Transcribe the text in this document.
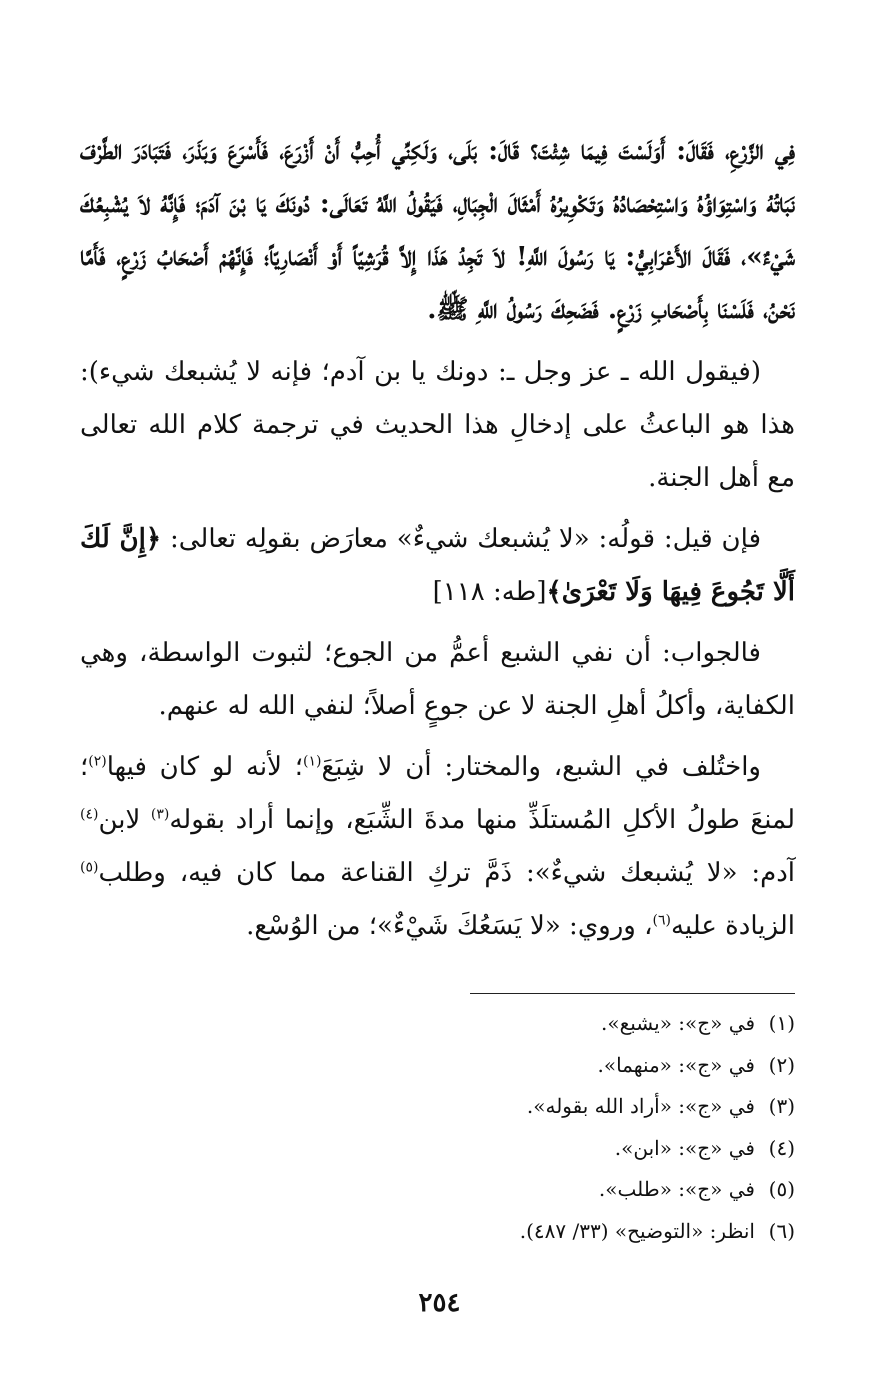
فِي الزَّرْعِ، فَقَالَ: أَوَلَسْتَ فِيمَا شِئْتَ؟ قَالَ: بَلَى، وَلَكِنِّي أُحِبُّ أَنْ أَزْرَعَ، فَأَسْرَعَ وَبَذَرَ، فَتَبَادَرَ الطَّرْفَ نَبَاتُهُ وَاسْتِوَاؤُهُ وَاسْتِحْصَادُهُ وَتَكْوِيرُهُ أَمْثَالَ الْجِبَالِ، فَيَقُولُ اللَّهُ تَعَالَى: دُونَكَ يَا بْنَ آدَمَ؛ فَإِنَّهُ لاَ يُشْبِعُكَ شَيْءٌ»، فَقَالَ الأَعْرَابِيُّ: يَا رَسُولَ اللَّهِ! لاَ تَجِدُ هَذَا إِلاَّ قُرَشِيّاً أَوْ أَنْصَارِيّاً؛ فَإِنَّهُمْ أَصْحَابُ زَرْعٍ، فَأَمَّا نَحْنُ، فَلَسْنَا بِأَصْحَابِ زَرْعٍ. فَضَحِكَ رَسُولُ اللَّهِ ﷺ.

(فيقول الله ـ عز وجل ـ: دونك يا بن آدم؛ فإنه لا يُشبعك شيء): هذا هو الباعثُ على إدخالِ هذا الحديث في ترجمة كلام الله تعالى مع أهل الجنة.

فإن قيل: قولُه: «لا يُشبعك شيءٌ» معارَض بقولِه تعالى: ﴿إِنَّ لَكَ أَلَّا تَجُوعَ فِيهَا وَلَا تَعْرَىٰ﴾[طه: ١١٨]

فالجواب: أن نفي الشبع أعمُّ من الجوع؛ لثبوت الواسطة، وهي الكفاية، وأكلُ أهلِ الجنة لا عن جوعٍ أصلاً؛ لنفي الله له عنهم.

واختُلف في الشبع، والمختار: أن لا شِبَعَ$^{(١)}$؛ لأنه لو كان فيها$^{(٢)}$؛ لمنعَ طولُ الأكلِ المُستلَذِّ منها مدةَ الشِّبَع، وإنما أراد بقوله$^{(٣)}$ لابن$^{(٤)}$ آدم: «لا يُشبعك شيءٌ»: ذَمَّ تركِ القناعة مما كان فيه، وطلب$^{(٥)}$ الزيادة عليه$^{(٦)}$، وروي: «لا يَسَعُكَ شَيْءٌ»؛ من الوُسْع.

(١)في «ج»: «يشبع».
(٢)في «ج»: «منهما».
(٣)في «ج»: «أراد الله بقوله».
(٤)في «ج»: «ابن».
(٥)في «ج»: «طلب».
(٦)انظر: «التوضيح» (٣٣/ ٤٨٧).
٢٥٤
